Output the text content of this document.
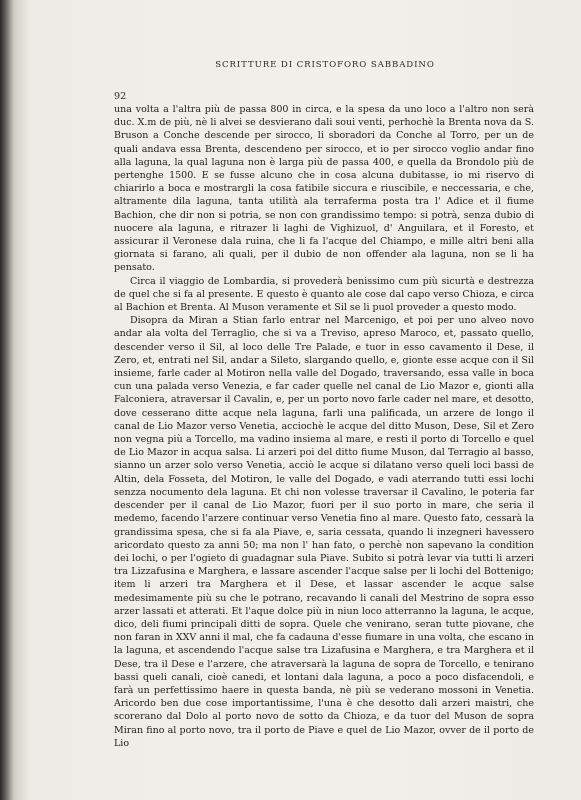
SCRITTURE DI CRISTOFORO SABBADINO
92

una volta a l'altra più de passa 800 in circa, e la spesa da uno loco a l'altro non serà duc. X.m de più, nè li alvei se desvierano dali soui venti, perhochè la Brenta nova da S. Bruson a Conche descende per sirocco, li sboradori da Conche al Torro, per un de quali andava essa Brenta, descendeno per sirocco, et io per sirocco voglio andar fino alla laguna, la qual laguna non è larga più de passa 400, e quella da Brondolo più de pertenghe 1500. E se fusse alcuno che in cosa alcuna dubitasse, io mi riservo di chiarirlo a boca e mostrargli la cosa fatibile siccura e riuscibile, e neccessaria, e che, altramente dila laguna, tanta utilità ala terraferma posta tra l' Adice et il fiume Bachion, che dir non si potria, se non con grandissimo tempo: si potrà, senza dubio di nuocere ala laguna, e ritrazer li laghi de Vighizuol, d' Anguilara, et il Foresto, et assicurar il Veronese dala ruina, che li fa l'acque del Chiampo, e mille altri beni alla giornata si farano, ali quali, per il dubio de non offender ala laguna, non se li ha pensato.

Circa il viaggio de Lombardia, si provederà benissimo cum più sicurtà e destrezza de quel che si fa al presente. E questo è quanto ale cose dal capo verso Chioza, e circa al Bachion et Brenta. Al Muson veramente et Sil se li puol proveder a questo modo.

Disopra da Miran a Stian farlo entrar nel Marcenigo, et poi per uno alveo novo andar ala volta del Terraglio, che si va a Treviso, apreso Maroco, et, passato quello, descender verso il Sil, al loco delle Tre Palade, e tuor in esso cavamento il Dese, il Zero, et, entrati nel Sil, andar a Sileto, slargando quello, e, gionte esse acque con il Sil insieme, farle cader al Motiron nella valle del Dogado, traversando, essa valle in boca cun una palada verso Venezia, e far cader quelle nel canal de Lio Mazor e, gionti alla Falconiera, atraversar il Cavalin, e, per un porto novo farle cader nel mare, et desotto, dove cesserano ditte acque nela laguna, farli una palificada, un arzere de longo il canal de Lio Mazor verso Venetia, acciochè le acque del ditto Muson, Dese, Sil et Zero non vegna più a Torcello, ma vadino insiema al mare, e resti il porto di Torcello e quel de Lio Mazor in acqua salsa. Li arzeri poi del ditto fiume Muson, dal Terragio al basso, sianno un arzer solo verso Venetia, acciò le acque si dilatano verso queli loci bassi de Altin, dela Fosseta, del Motiron, le valle del Dogado, e vadi aterrando tutti essi lochi senzza nocumento dela laguna. Et chi non volesse traversar il Cavalino, le poteria far descender per il canal de Lio Mazor, fuori per il suo porto in mare, che seria il medemo, facendo l'arzere continuar verso Venetia fino al mare. Questo fato, cessarà la grandissima spesa, che si fa ala Piave, e, saria cessata, quando li inzegneri havessero aricordato questo za anni 50; ma non l' han fato, o perchè non sapevano la condition dei lochi, o per l'ogieto di guadagnar sula Piave. Subito si potrà levar via tutti li arzeri tra Lizzafusina e Marghera, e lassare ascender l'acque salse per li lochi del Bottenigo; item li arzeri tra Marghera et il Dese, et lassar ascender le acque salse medesimamente più su che le potrano, recavando li canali del Mestrino de sopra esso arzer lassati et atterati. Et l'aque dolce più in niun loco atterranno la laguna, le acque, dico, deli fiumi principali ditti de sopra. Quele che venirano, seran tutte piovane, che non faran in XXV anni il mal, che fa cadauna d'esse fiumare in una volta, che escano in la laguna, et ascendendo l'acque salse tra Lizafusina e Marghera, e tra Marghera et il Dese, tra il Dese e l'arzere, che atraversarà la laguna de sopra de Torcello, e tenirano bassi queli canali, cioè canedi, et lontani dala laguna, a poco a poco disfacendoli, e farà un perfettissimo haere in questa banda, nè più se vederano mossoni in Venetia. Aricordo ben due cose importantissime, l'una è che desotto dali arzeri maistri, che scorerano dal Dolo al porto novo de sotto da Chioza, e da tuor del Muson de sopra Miran fino al porto novo, tra il porto de Piave e quel de Lio Mazor, ovver de il porto de Lio
